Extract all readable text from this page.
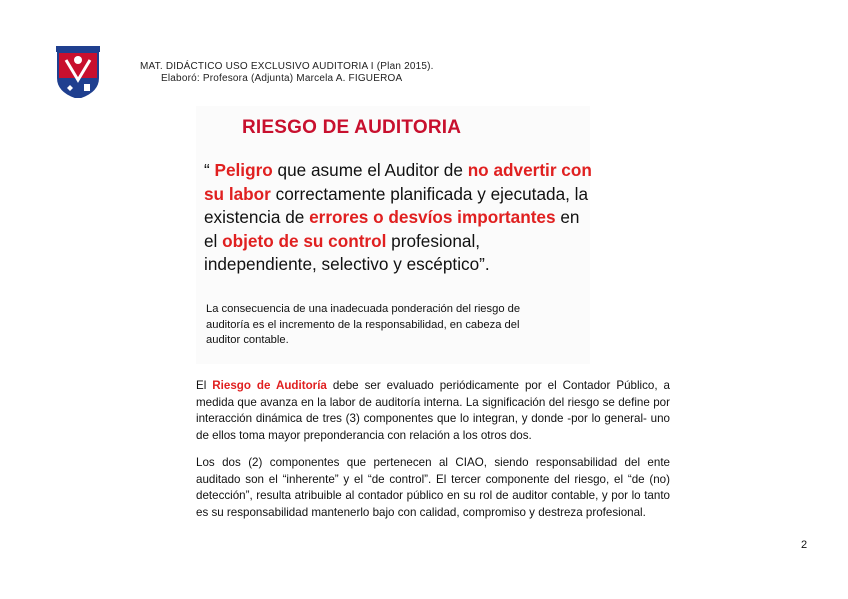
MAT. DIDÁCTICO USO EXCLUSIVO AUDITORIA I (Plan 2015).
Elaboró: Profesora (Adjunta) Marcela A. FIGUEROA
RIESGO DE AUDITORIA
“ Peligro que asume el Auditor de no advertir con su labor correctamente planificada y ejecutada, la existencia de errores o desvíos importantes en el objeto de su control profesional, independiente, selectivo y escéptico”.
La consecuencia de una inadecuada ponderación del riesgo de auditoría es el incremento de la responsabilidad, en cabeza del auditor contable.

El Riesgo de Auditoría debe ser evaluado periódicamente por el Contador Público, a medida que avanza en la labor de auditoría interna. La significación del riesgo se define por interacción dinámica de tres (3) componentes que lo integran, y donde -por lo general- uno de ellos toma mayor preponderancia con relación a los otros dos.

Los dos (2) componentes que pertenecen al CIAO, siendo responsabilidad del ente auditado son el “inherente” y el “de control”. El tercer componente del riesgo, el “de (no) detección”, resulta atribuible al contador público en su rol de auditor contable, y por lo tanto es su responsabilidad mantenerlo bajo con calidad, compromiso y destreza profesional.

2
